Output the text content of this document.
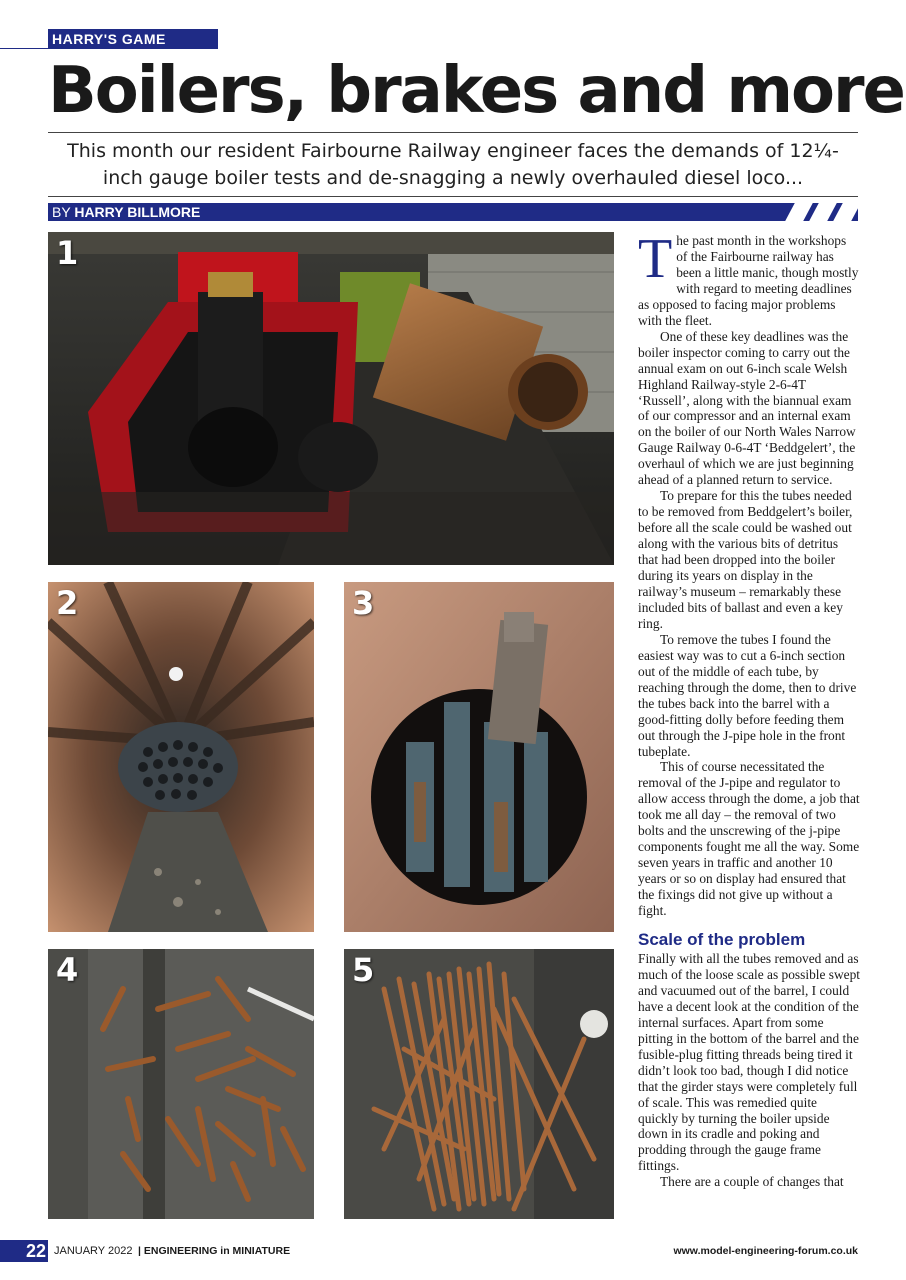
HARRY'S GAME
Boilers, brakes and more
This month our resident Fairbourne Railway engineer faces the demands of 12¼-inch gauge boiler tests and de-snagging a newly overhauled diesel loco...
BY HARRY BILLMORE
1
2	3
4	5

The past month in the workshops of the Fairbourne railway has been a little manic, though mostly with regard to meeting deadlines as opposed to facing major problems with the fleet.

One of these key deadlines was the boiler inspector coming to carry out the annual exam on out 6-inch scale Welsh Highland Railway-style 2-6-4T ‘Russell’, along with the biannual exam of our compressor and an internal exam on the boiler of our North Wales Narrow Gauge Railway 0-6-4T ‘Beddgelert’, the overhaul of which we are just beginning ahead of a planned return to service.

To prepare for this the tubes needed to be removed from Beddgelert’s boiler, before all the scale could be washed out along with the various bits of detritus that had been dropped into the boiler during its years on display in the railway’s museum – remarkably these included bits of ballast and even a key ring.

To remove the tubes I found the easiest way was to cut a 6-inch section out of the middle of each tube, by reaching through the dome, then to drive the tubes back into the barrel with a good-fitting dolly before feeding them out through the J-pipe hole in the front tubeplate.

This of course necessitated the removal of the J-pipe and regulator to allow access through the dome, a job that took me all day – the removal of two bolts and the unscrewing of the j-pipe components fought me all the way. Some seven years in traffic and another 10 years or so on display had ensured that the fixings did not give up without a fight.

Scale of the problem

Finally with all the tubes removed and as much of the loose scale as possible swept and vacuumed out of the barrel, I could have a decent look at the condition of the internal surfaces. Apart from some pitting in the bottom of the barrel and the fusible-plug fitting threads being tired it didn’t look too bad, though I did notice that the girder stays were completely full of scale. This was remedied quite quickly by turning the boiler upside down in its cradle and poking and prodding through the gauge frame fittings.

There are a couple of changes that

22 JANUARY 2022 | ENGINEERING in MINIATURE	www.model-engineering-forum.co.uk
